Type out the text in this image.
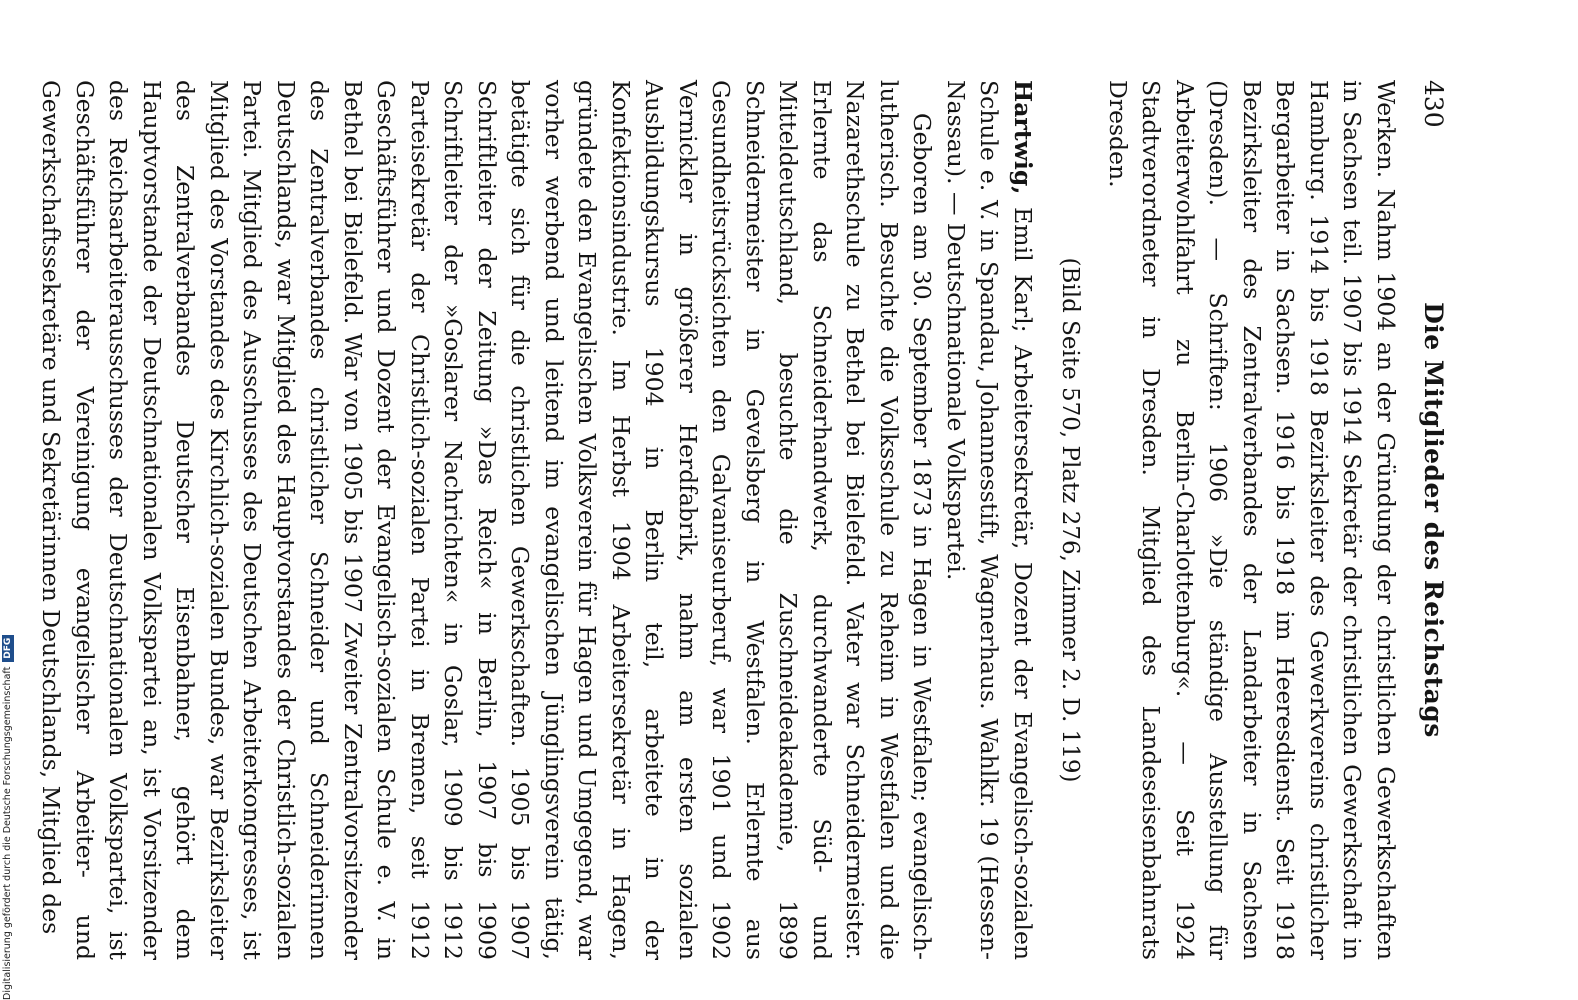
430
Die Mitglieder des Reichstags

Werken. Nahm 1904 an der Gründung der christlichen Gewerkschaften in Sachsen teil. 1907 bis 1914 Sekretär der christlichen Gewerkschaft in Hamburg. 1914 bis 1918 Bezirksleiter des Gewerkvereins christlicher Bergarbeiter in Sachsen. 1916 bis 1918 im Heeresdienst. Seit 1918 Bezirksleiter des Zentralverbandes der Landarbeiter in Sachsen (Dresden). — Schriften: 1906 »Die ständige Ausstellung für Arbeiterwohlfahrt zu Berlin-Charlottenburg«. — Seit 1924 Stadtverordneter in Dresden. Mitglied des Landeseisenbahnrats Dresden.

(Bild Seite 570, Platz 276, Zimmer 2. D. 119)

Hartwig, Emil Karl; Arbeitersekretär, Dozent der Evangelisch-sozialen Schule e. V. in Spandau, Johannesstift, Wagnerhaus. Wahlkr. 19 (Hessen-Nassau). — Deutschnationale Volkspartei.

Geboren am 30. September 1873 in Hagen in Westfalen; evangelisch-lutherisch. Besuchte die Volksschule zu Reheim in Westfalen und die Nazarethschule zu Bethel bei Bielefeld. Vater war Schneidermeister. Erlernte das Schneiderhandwerk, durchwanderte Süd- und Mitteldeutschland, besuchte die Zuschneideakademie, 1899 Schneidermeister in Gevelsberg in Westfalen. Erlernte aus Gesundheitsrücksichten den Galvaniseurberuf, war 1901 und 1902 Vernickler in größerer Herdfabrik, nahm am ersten sozialen Ausbildungskursus 1904 in Berlin teil, arbeitete in der Konfektionsindustrie. Im Herbst 1904 Arbeitersekretär in Hagen, gründete den Evangelischen Volksverein für Hagen und Umgegend, war vorher werbend und leitend im evangelischen Jünglingsverein tätig, betätigte sich für die christlichen Gewerkschaften. 1905 bis 1907 Schriftleiter der Zeitung »Das Reich« in Berlin, 1907 bis 1909 Schriftleiter der »Goslarer Nachrichten« in Goslar, 1909 bis 1912 Parteisekretär der Christlich-sozialen Partei in Bremen, seit 1912 Geschäftsführer und Dozent der Evangelisch-sozialen Schule e. V. in Bethel bei Bielefeld. War von 1905 bis 1907 Zweiter Zentralvorsitzender des Zentralverbandes christlicher Schneider und Schneiderinnen Deutschlands, war Mitglied des Hauptvorstandes der Christlich-sozialen Partei. Mitglied des Ausschusses des Deutschen Arbeiterkongresses, ist Mitglied des Vorstandes des Kirchlich-sozialen Bundes, war Bezirksleiter des Zentralverbandes Deutscher Eisenbahner, gehört dem Hauptvorstande der Deutschnationalen Volkspartei an, ist Vorsitzender des Reichsarbeiterausschusses der Deutschnationalen Volkspartei, ist Geschäftsführer der Vereinigung evangelischer Arbeiter- und Gewerkschaftssekretäre und Sekretärinnen Deutschlands, Mitglied des

Digitalisierung gefördert durch die Deutsche ForschungsgemeinschaftDFG
